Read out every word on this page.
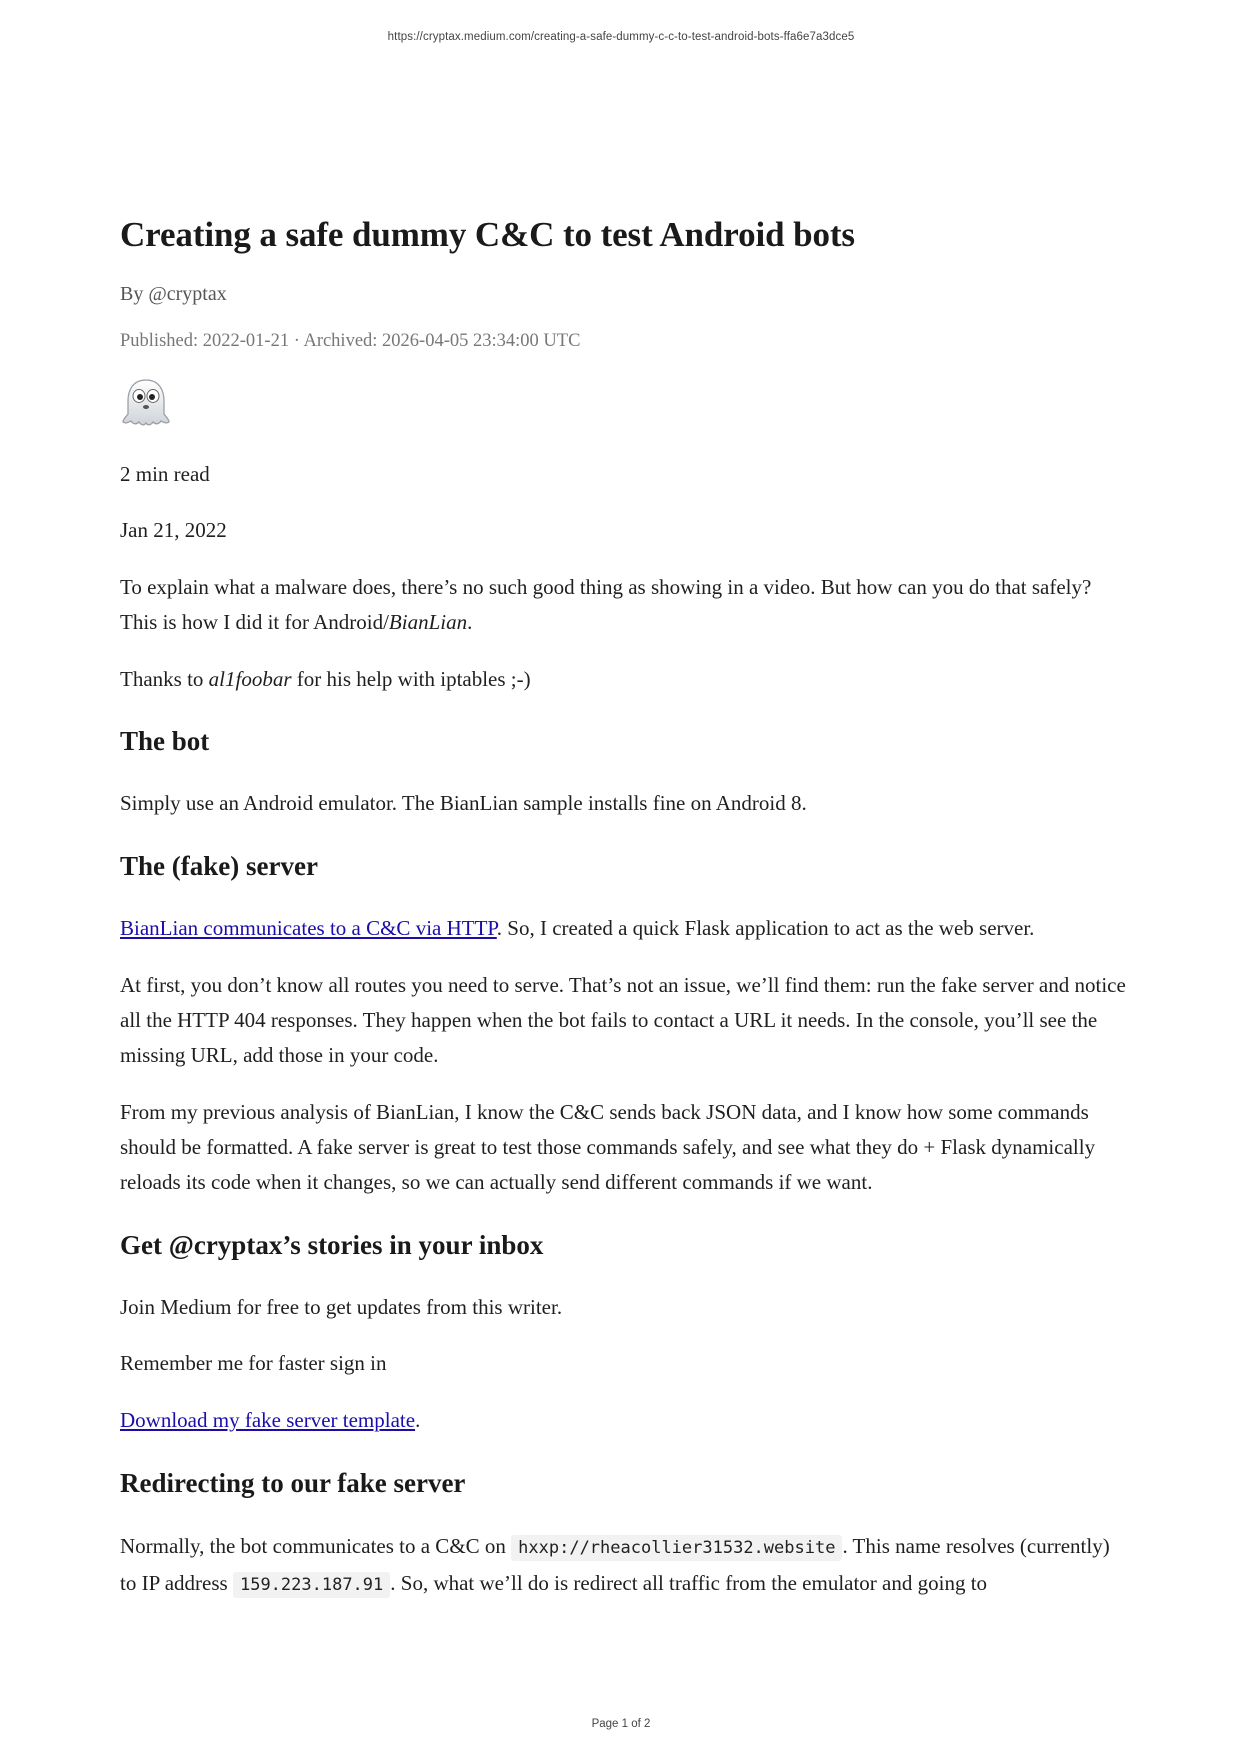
https://cryptax.medium.com/creating-a-safe-dummy-c-c-to-test-android-bots-ffa6e7a3dce5
Creating a safe dummy C&C to test Android bots
By @cryptax
Published: 2022-01-21 · Archived: 2026-04-05 23:34:00 UTC

2 min read

Jan 21, 2022

To explain what a malware does, there’s no such good thing as showing in a video. But how can you do that safely? This is how I did it for Android/BianLian.

Thanks to al1foobar for his help with iptables ;-)

The bot

Simply use an Android emulator. The BianLian sample installs fine on Android 8.

The (fake) server

BianLian communicates to a C&C via HTTP. So, I created a quick Flask application to act as the web server.

At first, you don’t know all routes you need to serve. That’s not an issue, we’ll find them: run the fake server and notice all the HTTP 404 responses. They happen when the bot fails to contact a URL it needs. In the console, you’ll see the missing URL, add those in your code.

From my previous analysis of BianLian, I know the C&C sends back JSON data, and I know how some commands should be formatted. A fake server is great to test those commands safely, and see what they do + Flask dynamically reloads its code when it changes, so we can actually send different commands if we want.

Get @cryptax’s stories in your inbox

Join Medium for free to get updates from this writer.

Remember me for faster sign in

Download my fake server template.

Redirecting to our fake server

Normally, the bot communicates to a C&C on hxxp://rheacollier31532.website . This name resolves (currently) to IP address 159.223.187.91 . So, what we’ll do is redirect all traffic from the emulator and going to

Page 1 of 2
